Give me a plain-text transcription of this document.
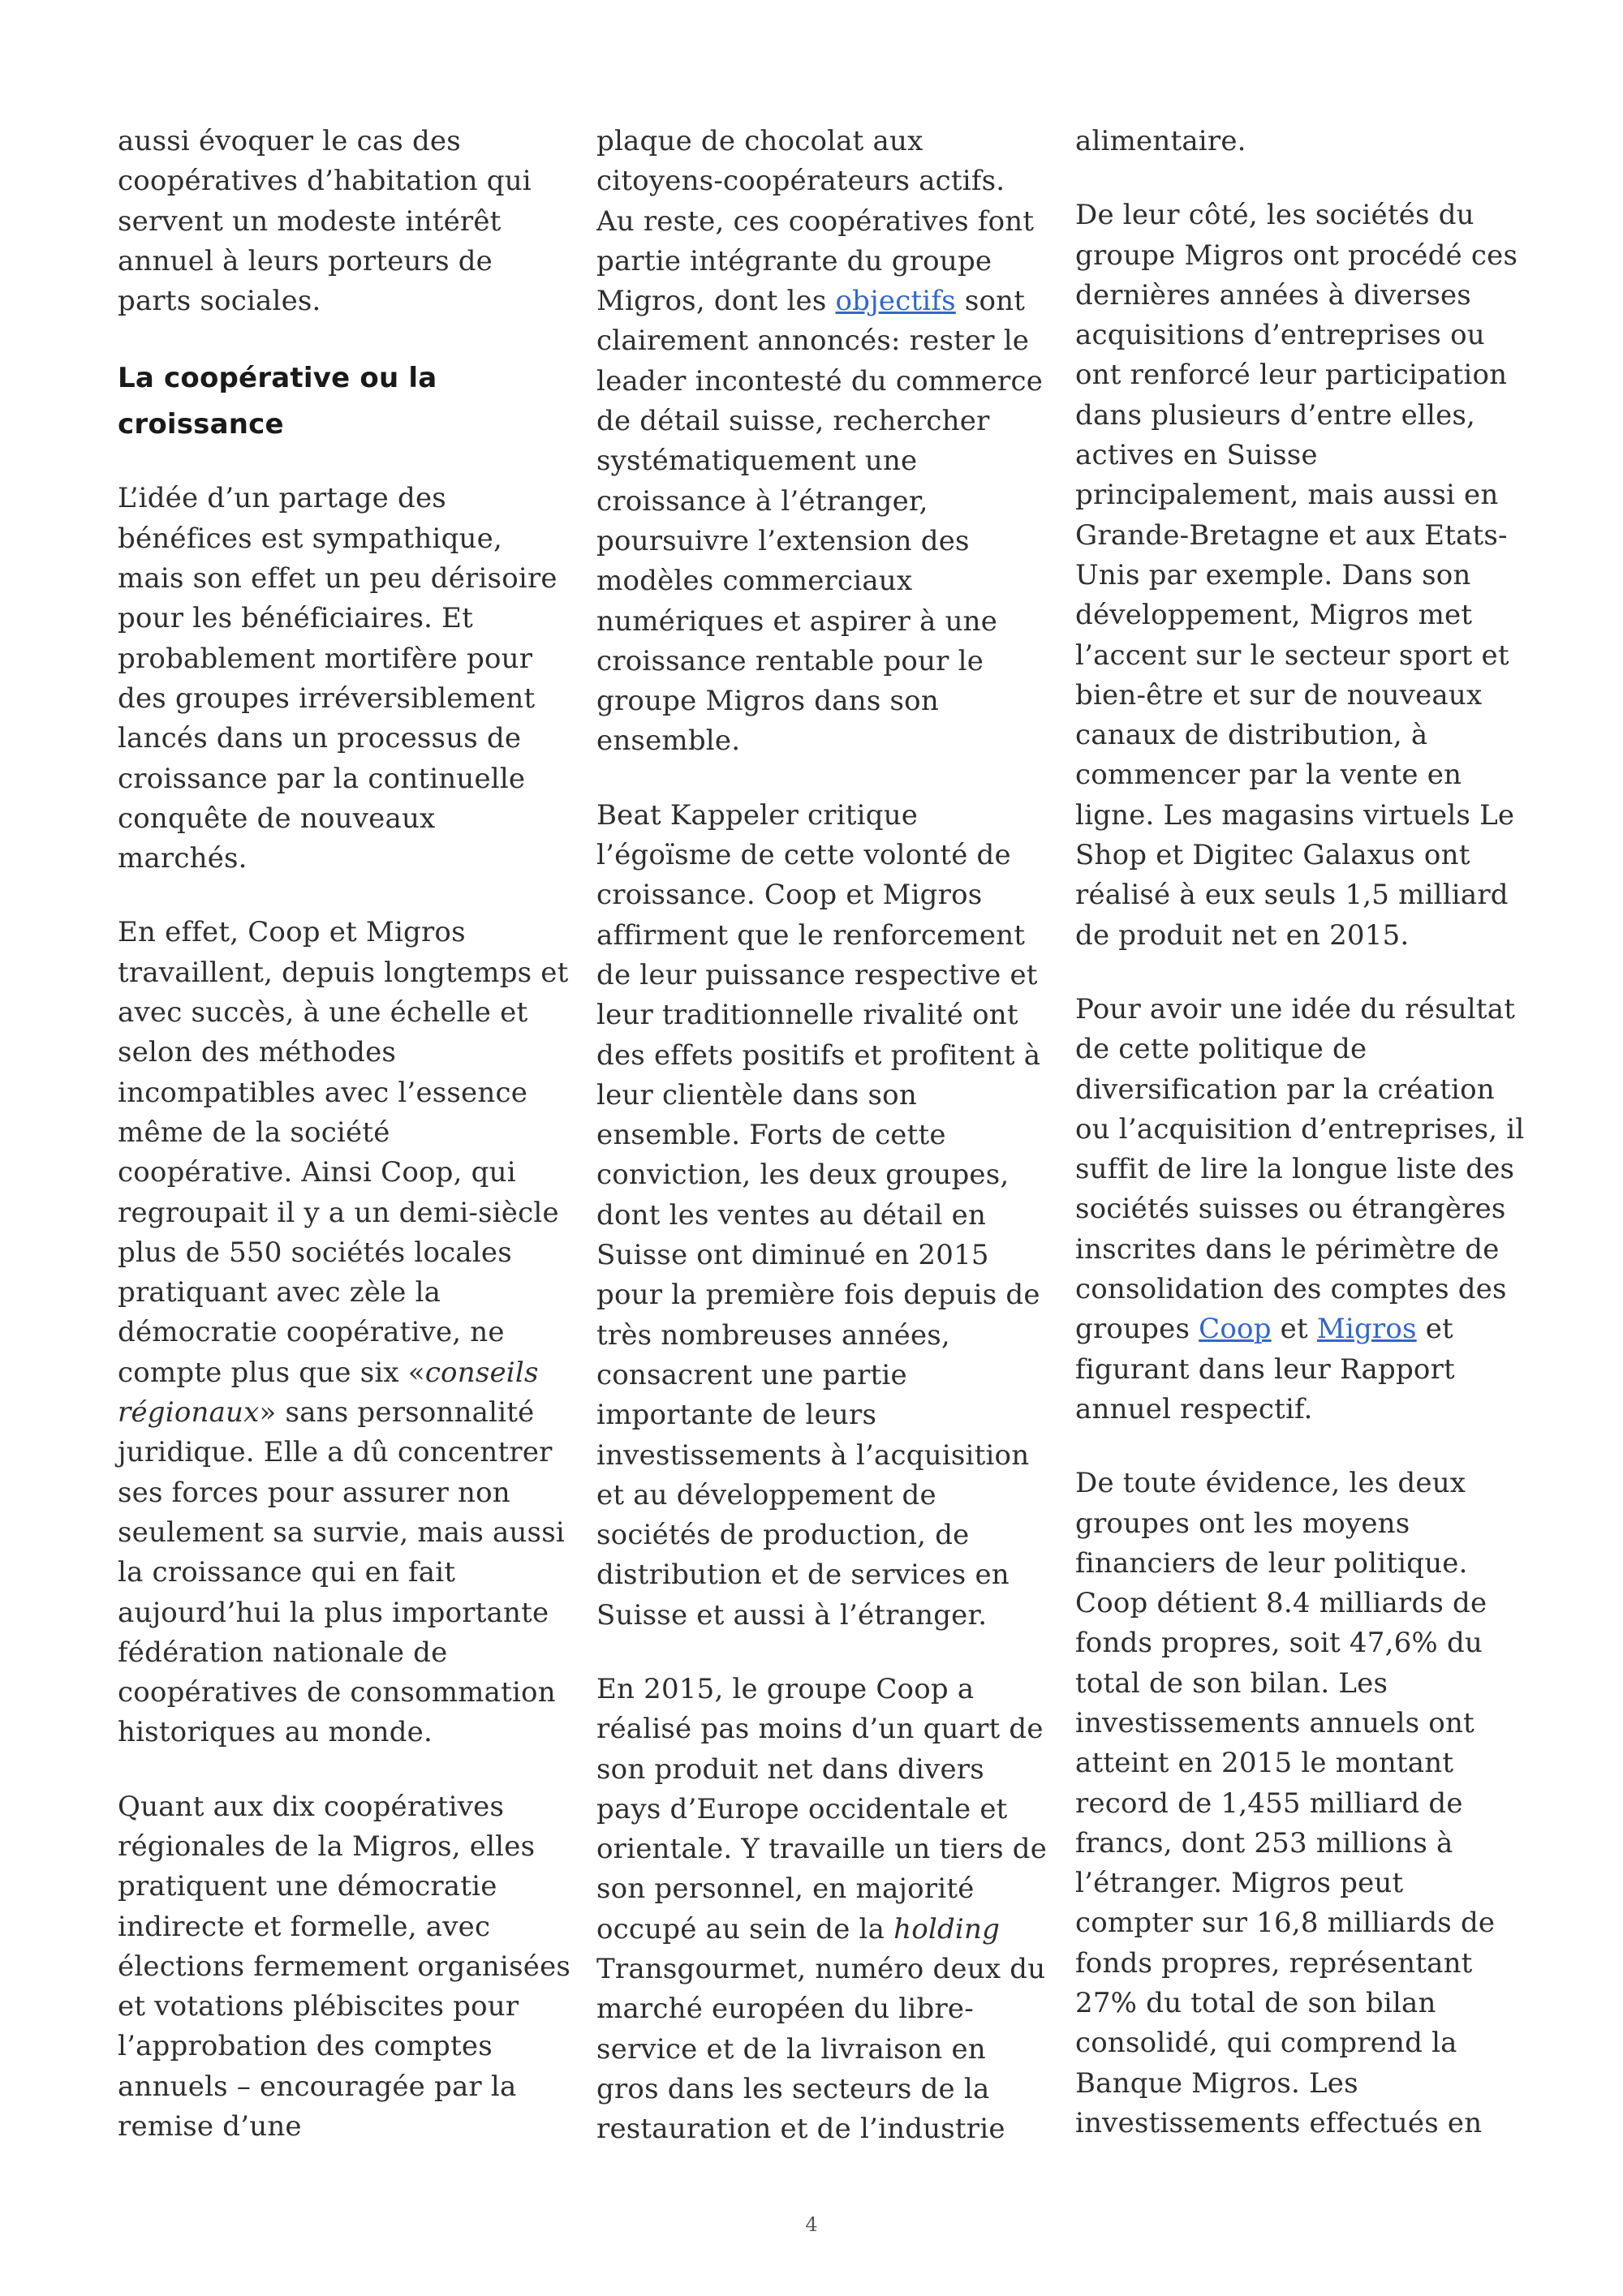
aussi évoquer le cas des coopératives d’habitation qui servent un modeste intérêt annuel à leurs porteurs de parts sociales.

La coopérative ou la croissance

L’idée d’un partage des bénéfices est sympathique, mais son effet un peu dérisoire pour les bénéficiaires. Et probablement mortifère pour des groupes irréversiblement lancés dans un processus de croissance par la continuelle conquête de nouveaux marchés.

En effet, Coop et Migros travaillent, depuis longtemps et avec succès, à une échelle et selon des méthodes incompatibles avec l’essence même de la société coopérative. Ainsi Coop, qui regroupait il y a un demi-siècle plus de 550 sociétés locales pratiquant avec zèle la démocratie coopérative, ne compte plus que six «conseils régionaux» sans personnalité juridique. Elle a dû concentrer ses forces pour assurer non seulement sa survie, mais aussi la croissance qui en fait aujourd’hui la plus importante fédération nationale de coopératives de consommation historiques au monde.

Quant aux dix coopératives régionales de la Migros, elles pratiquent une démocratie indirecte et formelle, avec élections fermement organisées et votations plébiscites pour l’approbation des comptes annuels – encouragée par la remise d’une

plaque de chocolat aux citoyens-coopérateurs actifs. Au reste, ces coopératives font partie intégrante du groupe Migros, dont les objectifs sont clairement annoncés: rester le leader incontesté du commerce de détail suisse, rechercher systématiquement une croissance à l’étranger, poursuivre l’extension des modèles commerciaux numériques et aspirer à une croissance rentable pour le groupe Migros dans son ensemble.

Beat Kappeler critique l’égoïsme de cette volonté de croissance. Coop et Migros affirment que le renforcement de leur puissance respective et leur traditionnelle rivalité ont des effets positifs et profitent à leur clientèle dans son ensemble. Forts de cette conviction, les deux groupes, dont les ventes au détail en Suisse ont diminué en 2015 pour la première fois depuis de très nombreuses années, consacrent une partie importante de leurs investissements à l’acquisition et au développement de sociétés de production, de distribution et de services en Suisse et aussi à l’étranger.

En 2015, le groupe Coop a réalisé pas moins d’un quart de son produit net dans divers pays d’Europe occidentale et orientale. Y travaille un tiers de son personnel, en majorité occupé au sein de la holding Transgourmet, numéro deux du marché européen du libre-service et de la livraison en gros dans les secteurs de la restauration et de l’industrie

alimentaire.

De leur côté, les sociétés du groupe Migros ont procédé ces dernières années à diverses acquisitions d’entreprises ou ont renforcé leur participation dans plusieurs d’entre elles, actives en Suisse principalement, mais aussi en Grande-Bretagne et aux Etats-Unis par exemple. Dans son développement, Migros met l’accent sur le secteur sport et bien-être et sur de nouveaux canaux de distribution, à commencer par la vente en ligne. Les magasins virtuels Le Shop et Digitec Galaxus ont réalisé à eux seuls 1,5 milliard de produit net en 2015.

Pour avoir une idée du résultat de cette politique de diversification par la création ou l’acquisition d’entreprises, il suffit de lire la longue liste des sociétés suisses ou étrangères inscrites dans le périmètre de consolidation des comptes des groupes Coop et Migros et figurant dans leur Rapport annuel respectif.

De toute évidence, les deux groupes ont les moyens financiers de leur politique. Coop détient 8.4 milliards de fonds propres, soit 47,6% du total de son bilan. Les investissements annuels ont atteint en 2015 le montant record de 1,455 milliard de francs, dont 253 millions à l’étranger. Migros peut compter sur 16,8 milliards de fonds propres, représentant 27% du total de son bilan consolidé, qui comprend la Banque Migros. Les investissements effectués en

4
